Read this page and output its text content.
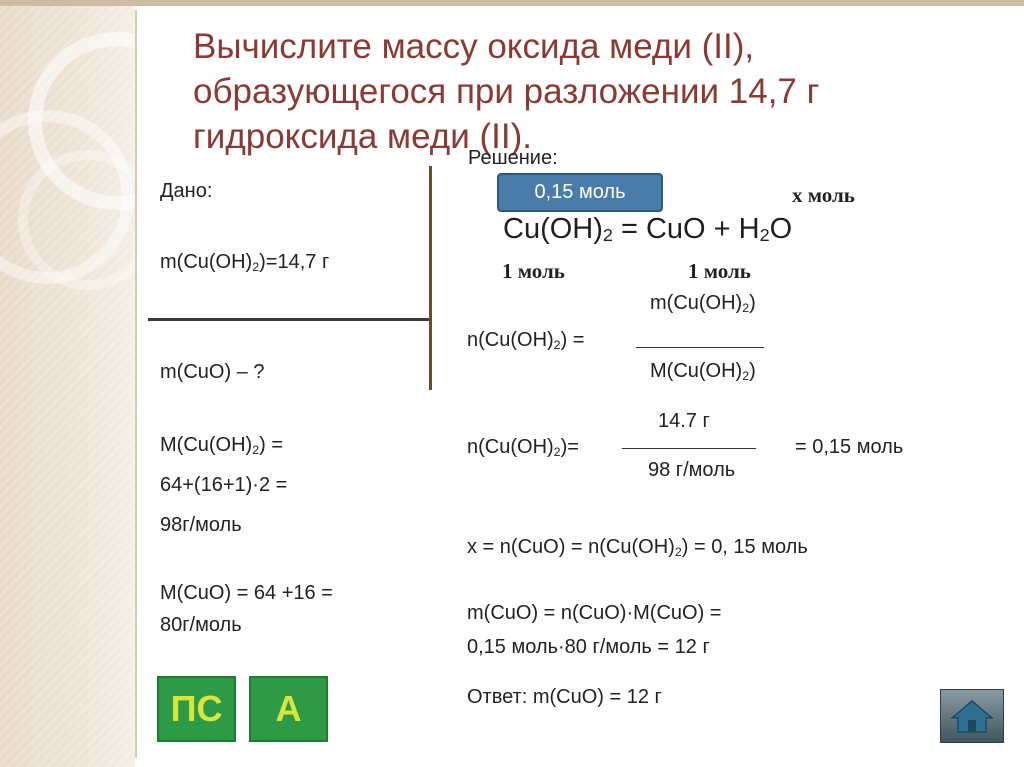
Вычислите массу оксида меди (II),
образующегося при разложении 14,7 г
гидроксида меди (II).
Дано:
$m(Cu(OH)_2)=14,7$ г
m(CuO) – ?
$M(Cu(OH)_2)$ =
64+(16+1)·2 =
98г/моль
M(CuO) = 64 +16 =
80г/моль
Решение:
0,15 моль	x моль
$Cu(OH)_2$ = CuO + $H_2O$
1 моль	1 моль
$m(Cu(OH)_2)$
$n(Cu(OH)_2)$ =
$M(Cu(OH)_2)$
14.7 г
$n(Cu(OH)_2)=$
98 г/моль
= 0,15 моль
$x = n(CuO) = n(Cu(OH)_2) = 0$, 15 моль
m(CuO) = n(CuO)·M(CuO) =
0,15 моль·80 г/моль = 12 г
Ответ: m(CuO) = 12 г
ПС	А
